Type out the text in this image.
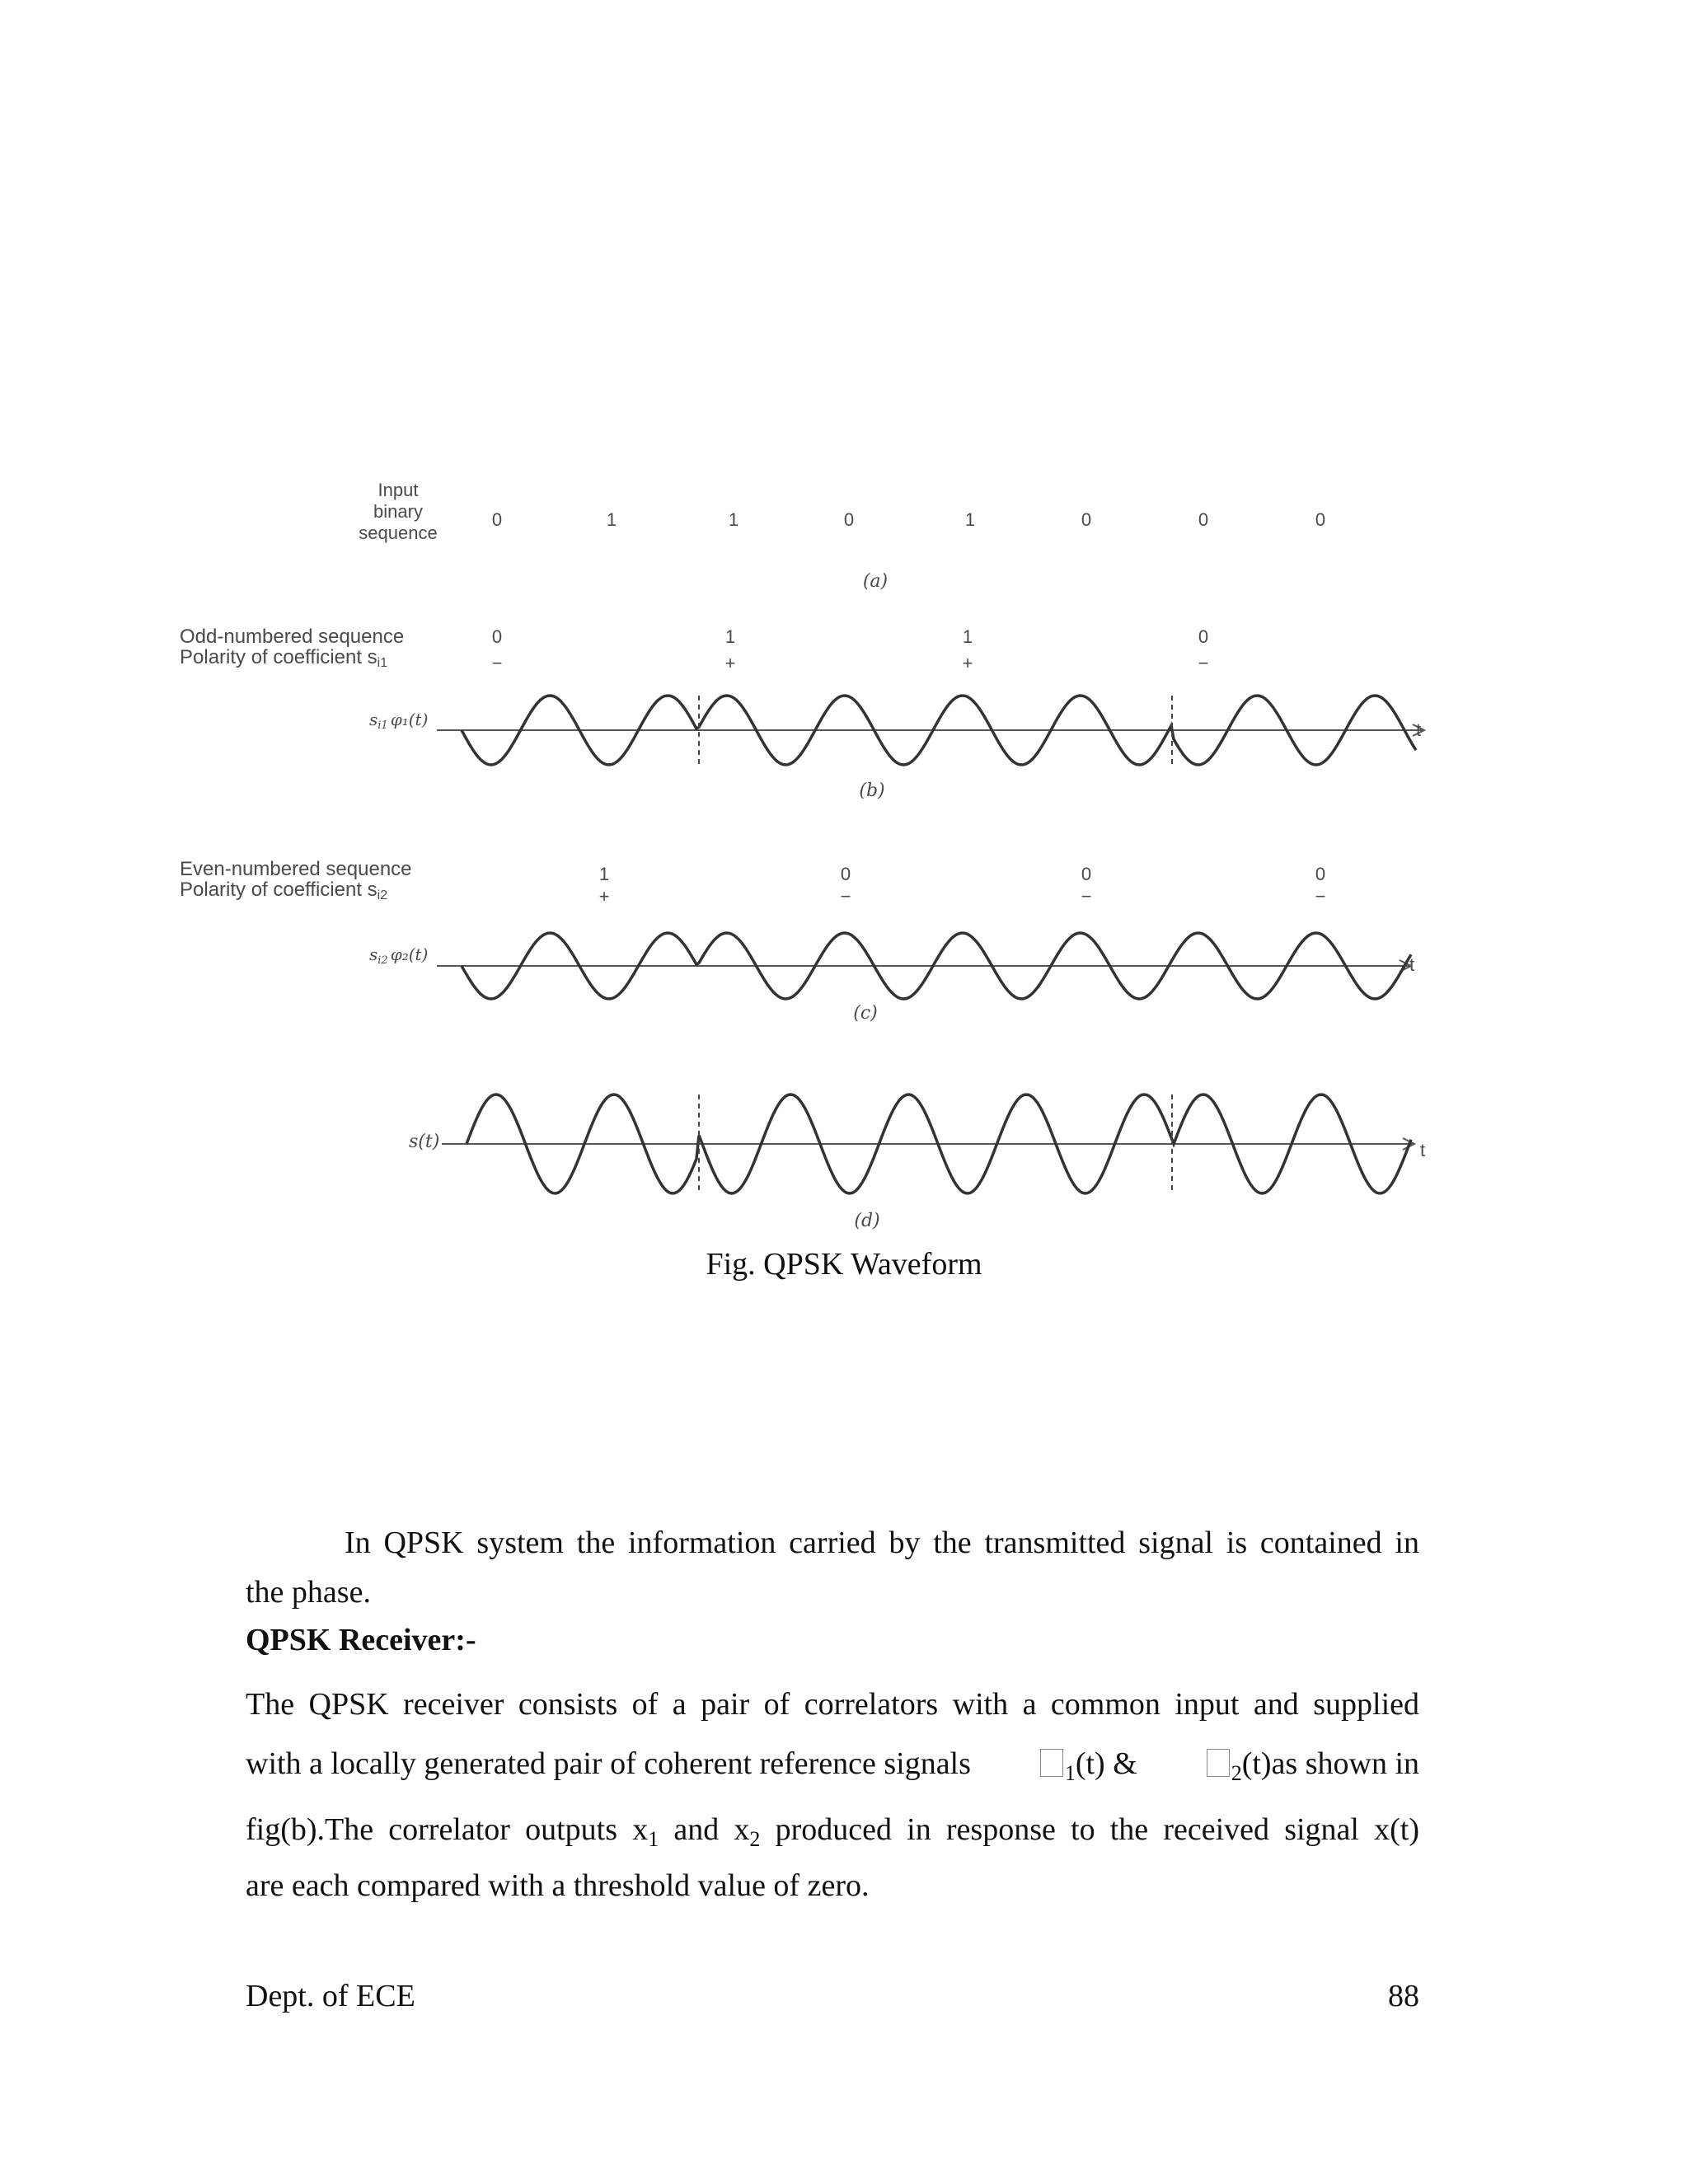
Input
binary
sequence
0	1	1	0	1	0	0	0
(a)
Odd-numbered sequence
Polarity of coefficient si1
$s_{i1}$ φ₁(t)
0	1	1	0
−	+	+	−
t
(b)
Even-numbered sequence
Polarity of coefficient si2
$s_{i2}$ φ₂(t)
1	0	0	0
+	−	−	−
t
(c)
s(t)	t
(d)
Fig. QPSK Waveform
In QPSK system the information carried by the transmitted signal is contained in
the phase.
QPSK Receiver:-
The QPSK receiver consists of a pair of correlators with a common input and supplied
with a locally generated pair of coherent reference signals	$_1$(t) &	$_2$(t)as shown in
fig(b).The correlator outputs $x_1$ and $x_2$ produced in response to the received signal x(t)
are each compared with a threshold value of zero.
Dept. of ECE	88
